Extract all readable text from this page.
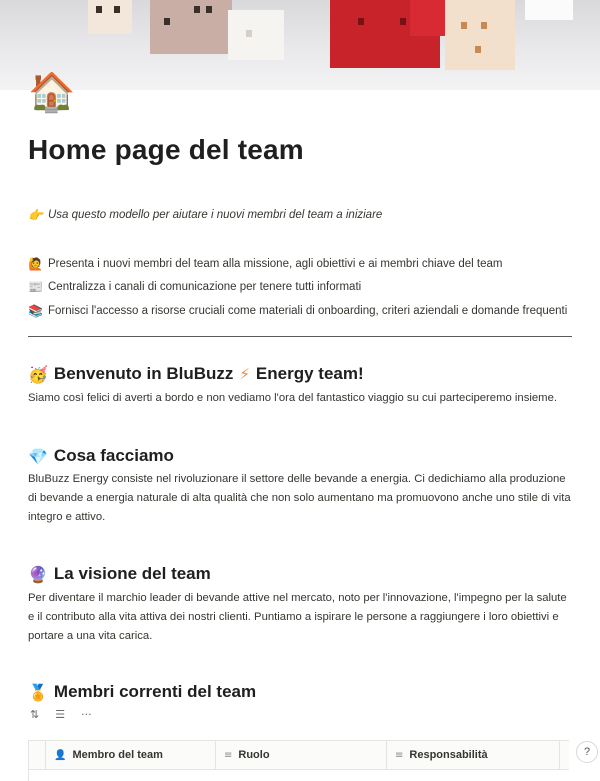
🏠
Home page del team
👉 Usa questo modello per aiutare i nuovi membri del team a iniziare
🙋 Presenta i nuovi membri del team alla missione, agli obiettivi e ai membri chiave del team
📰 Centralizza i canali di comunicazione per tenere tutti informati
📚 Fornisci l'accesso a risorse cruciali come materiali di onboarding, criteri aziendali e domande frequenti
🥳 Benvenuto in BluBuzz ⚡ Energy team!

Siamo così felici di averti a bordo e non vediamo l'ora del fantastico viaggio su cui parteciperemo insieme.

💎 Cosa facciamo

BluBuzz Energy consiste nel rivoluzionare il settore delle bevande a energia. Ci dedichiamo alla produzione di bevande a energia naturale di alta qualità che non solo aumentano ma promuovono anche uno stile di vita integro e attivo.

🔮 La visione del team

Per diventare il marchio leader di bevande attive nel mercato, noto per l'innovazione, l'impegno per la salute e il contributo alla vita attiva dei nostri clienti. Puntiamo a ispirare le persone a raggiungere i loro obiettivi e portare a una vita carica.

🏅 Membri correnti del team
⇅ ☰ ···
👤 Membro del team	≡ Ruolo	≡ Responsabilità	?
